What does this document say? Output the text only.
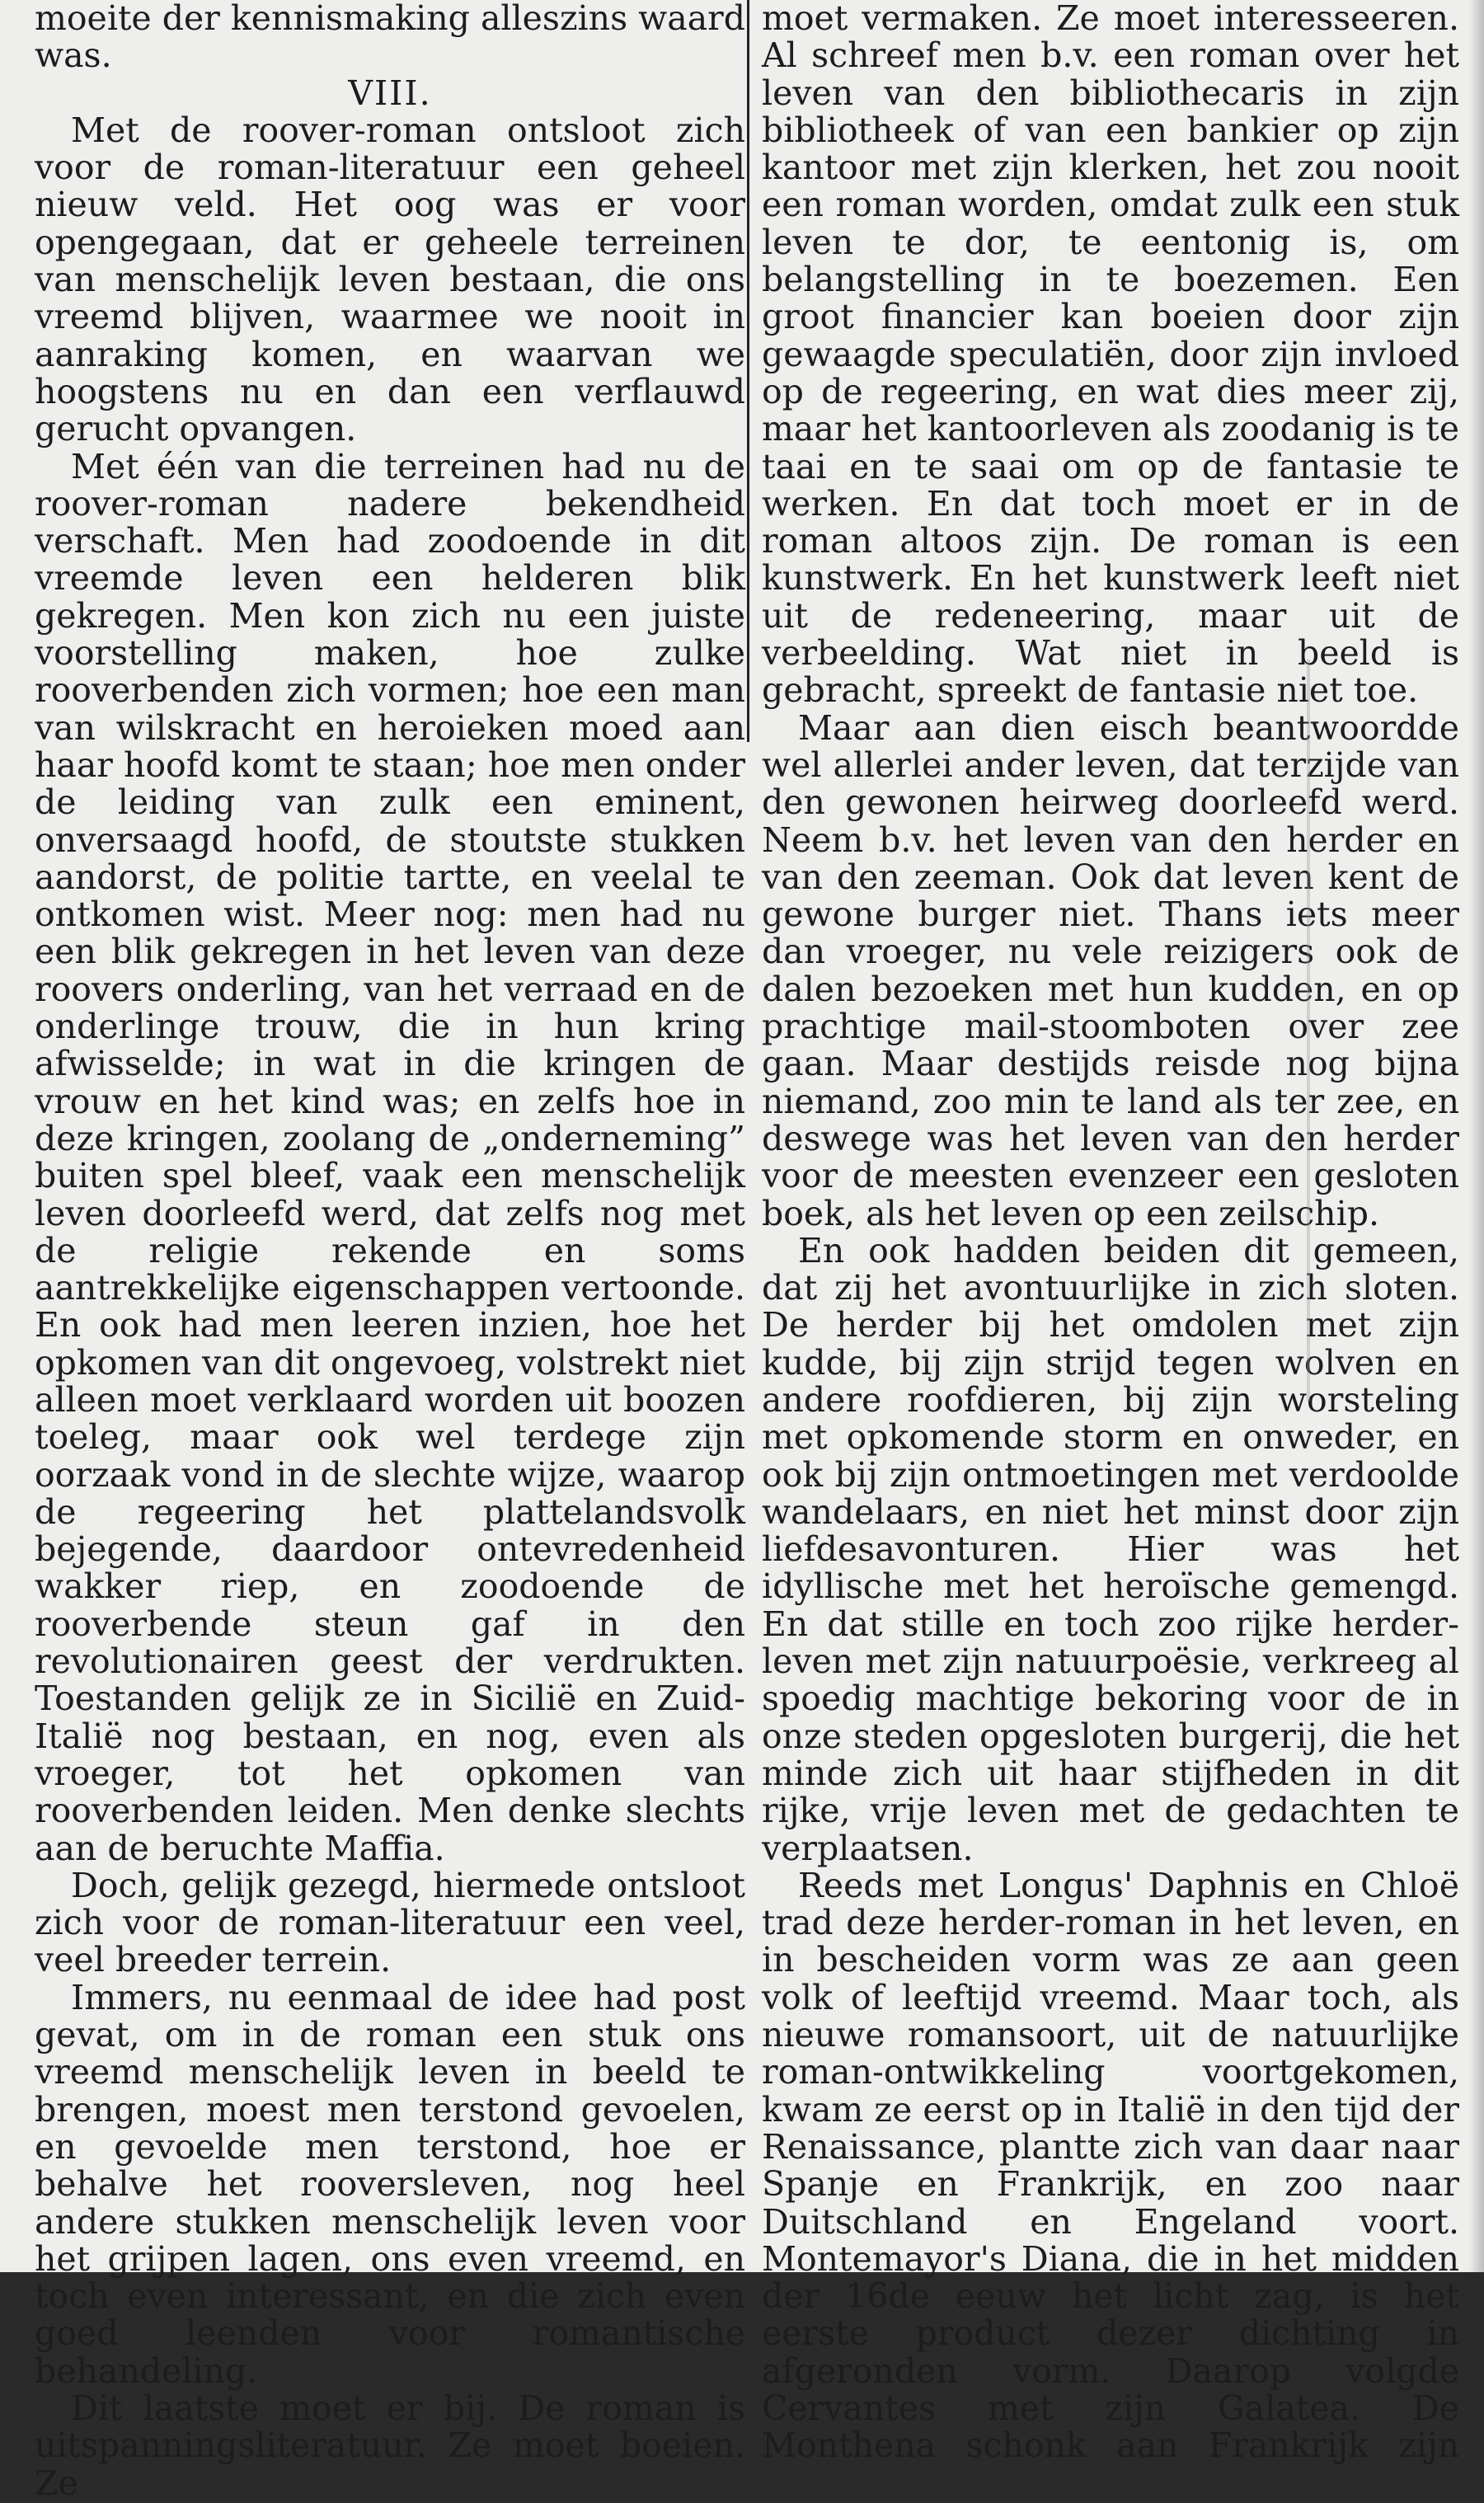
moeite der kennismaking alleszins waard was.

VIII.

Met de roover-roman ontsloot zich voor de roman-literatuur een geheel nieuw veld. Het oog was er voor opengegaan, dat er geheele terreinen van menschelijk leven bestaan, die ons vreemd blijven, waarmee we nooit in aanraking komen, en waarvan we hoogstens nu en dan een verflauwd gerucht opvangen.

Met één van die terreinen had nu de roover-roman nadere bekendheid verschaft. Men had zoodoende in dit vreemde leven een helderen blik gekregen. Men kon zich nu een juiste voorstelling maken, hoe zulke rooverbenden zich vormen; hoe een man van wilskracht en heroieken moed aan haar hoofd komt te staan; hoe men onder de leiding van zulk een eminent, onversaagd hoofd, de stoutste stukken aandorst, de politie tartte, en veelal te ontkomen wist. Meer nog: men had nu een blik gekregen in het leven van deze roovers onderling, van het verraad en de onderlinge trouw, die in hun kring afwisselde; in wat in die kringen de vrouw en het kind was; en zelfs hoe in deze kringen, zoolang de „onderneming” buiten spel bleef, vaak een menschelijk leven doorleefd werd, dat zelfs nog met de religie rekende en soms aantrekkelijke eigenschappen vertoonde. En ook had men leeren inzien, hoe het opkomen van dit ongevoeg, volstrekt niet alleen moet verklaard worden uit boozen toeleg, maar ook wel terdege zijn oorzaak vond in de slechte wijze, waarop de regeering het plattelandsvolk bejegende, daardoor ontevredenheid wakker riep, en zoodoende de rooverbende steun gaf in den revolutionairen geest der verdrukten. Toestanden gelijk ze in Sicilië en Zuid-Italië nog bestaan, en nog, even als vroeger, tot het opkomen van rooverbenden leiden. Men denke slechts aan de beruchte Maffia.

Doch, gelijk gezegd, hiermede ontsloot zich voor de roman-literatuur een veel, veel breeder terrein.

Immers, nu eenmaal de idee had post gevat, om in de roman een stuk ons vreemd menschelijk leven in beeld te brengen, moest men terstond gevoelen, en gevoelde men terstond, hoe er behalve het rooversleven, nog heel andere stukken menschelijk leven voor het grijpen lagen, ons even vreemd, en toch even interessant, en die zich even goed leenden voor romantische behandeling.

Dit laatste moet er bij. De roman is uitspanningsliteratuur. Ze moet boeien. Ze

moet vermaken. Ze moet interesseeren. Al schreef men b.v. een roman over het leven van den bibliothecaris in zijn bibliotheek of van een bankier op zijn kantoor met zijn klerken, het zou nooit een roman worden, omdat zulk een stuk leven te dor, te eentonig is, om belangstelling in te boezemen. Een groot financier kan boeien door zijn gewaagde speculatiën, door zijn invloed op de regeering, en wat dies meer zij, maar het kantoorleven als zoodanig is te taai en te saai om op de fantasie te werken. En dat toch moet er in de roman altoos zijn. De roman is een kunstwerk. En het kunstwerk leeft niet uit de redeneering, maar uit de verbeelding. Wat niet in beeld is gebracht, spreekt de fantasie niet toe.

Maar aan dien eisch beantwoordde wel allerlei ander leven, dat terzijde van den gewonen heirweg doorleefd werd. Neem b.v. het leven van den herder en van den zeeman. Ook dat leven kent de gewone burger niet. Thans iets meer dan vroeger, nu vele reizigers ook de dalen bezoeken met hun kudden, en op prachtige mail-stoomboten over zee gaan. Maar destijds reisde nog bijna niemand, zoo min te land als ter zee, en deswege was het leven van den herder voor de meesten evenzeer een gesloten boek, als het leven op een zeilschip.

En ook hadden beiden dit gemeen, dat zij het avontuurlijke in zich sloten. De herder bij het omdolen met zijn kudde, bij zijn strijd tegen wolven en andere roofdieren, bij zijn worsteling met opkomende storm en onweder, en ook bij zijn ontmoetingen met verdoolde wandelaars, en niet het minst door zijn liefdesavonturen. Hier was het idyllische met het heroïsche gemengd. En dat stille en toch zoo rijke herder-leven met zijn natuurpoësie, verkreeg al spoedig machtige bekoring voor de in onze steden opgesloten burgerij, die het minde zich uit haar stijfheden in dit rijke, vrije leven met de gedachten te verplaatsen.

Reeds met Longus' Daphnis en Chloë trad deze herder-roman in het leven, en in bescheiden vorm was ze aan geen volk of leeftijd vreemd. Maar toch, als nieuwe romansoort, uit de natuurlijke roman-ontwikkeling voortgekomen, kwam ze eerst op in Italië in den tijd der Renaissance, plantte zich van daar naar Spanje en Frankrijk, en zoo naar Duitschland en Engeland voort. Montemayor's Diana, die in het midden der 16de eeuw het licht zag, is het eerste product dezer dichting in afgeronden vorm. Daarop volgde Cervantes met zijn Galatea. De Monthena schonk aan Frankrijk zijn
